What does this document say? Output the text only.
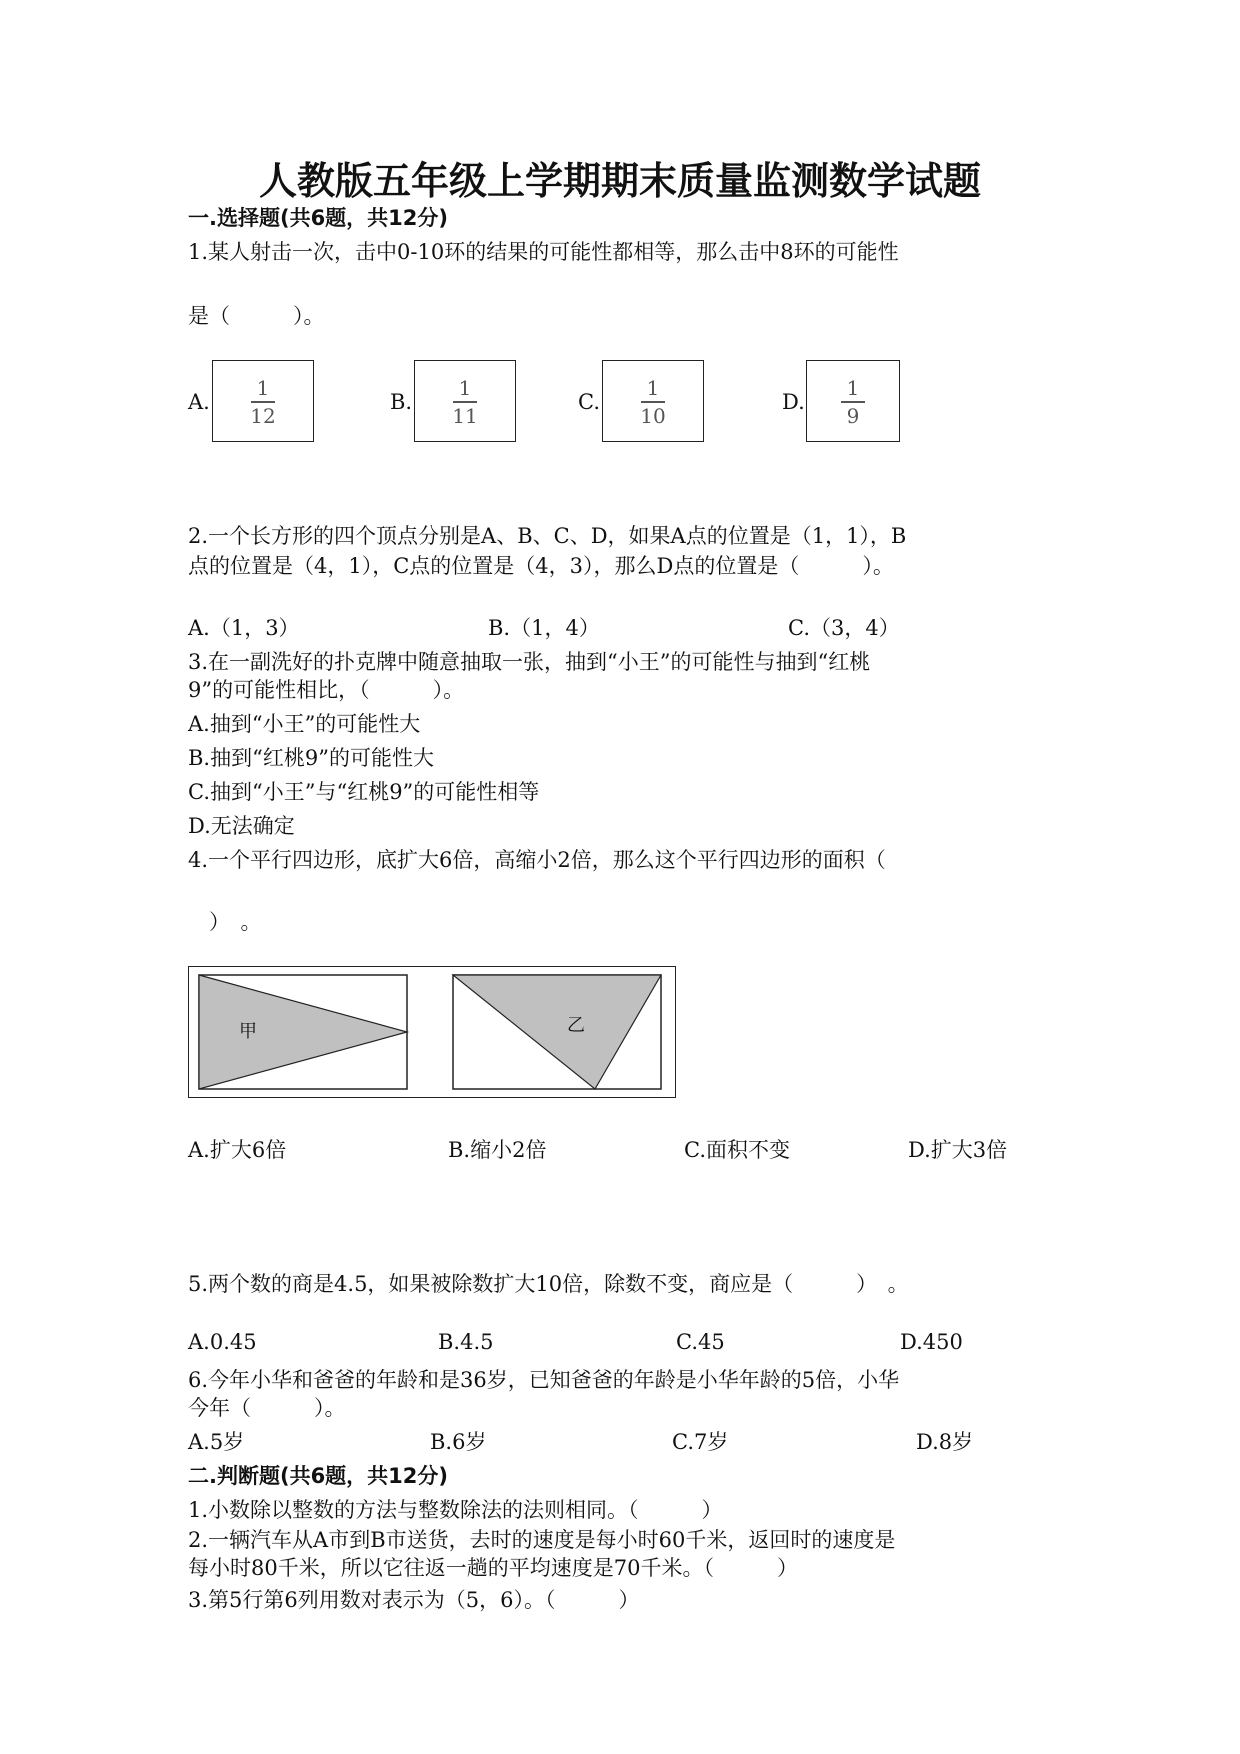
人教版五年级上学期期末质量监测数学试题
一.选择题(共6题，共12分)
1.某人射击一次，击中0-10环的结果的可能性都相等，那么击中8环的可能性
是（　　　）。
A.
1
12
B.
1
11
C.
1
10
D.
1
9
2.一个长方形的四个顶点分别是A、B、C、D，如果A点的位置是（1，1），B
点的位置是（4，1），C点的位置是（4，3），那么D点的位置是（　　　）。
A.（1，3）	B.（1，4）	C.（3，4）
3.在一副洗好的扑克牌中随意抽取一张，抽到“小王”的可能性与抽到“红桃
9”的可能性相比，（　　　）。
A.抽到“小王”的可能性大
B.抽到“红桃9”的可能性大
C.抽到“小王”与“红桃9”的可能性相等
D.无法确定
4.一个平行四边形，底扩大6倍，高缩小2倍，那么这个平行四边形的面积（
　）　。
甲	乙
A.扩大6倍	B.缩小2倍	C.面积不变	D.扩大3倍
5.两个数的商是4.5，如果被除数扩大10倍，除数不变，商应是（　　　）　。
A.0.45	B.4.5	C.45	D.450
6.今年小华和爸爸的年龄和是36岁，已知爸爸的年龄是小华年龄的5倍，小华
今年（　　　）。
A.5岁	B.6岁	C.7岁	D.8岁
二.判断题(共6题，共12分)
1.小数除以整数的方法与整数除法的法则相同。（　　　）
2.一辆汽车从A市到B市送货，去时的速度是每小时60千米，返回时的速度是
每小时80千米，所以它往返一趟的平均速度是70千米。（　　　）
3.第5行第6列用数对表示为（5，6）。（　　　）
